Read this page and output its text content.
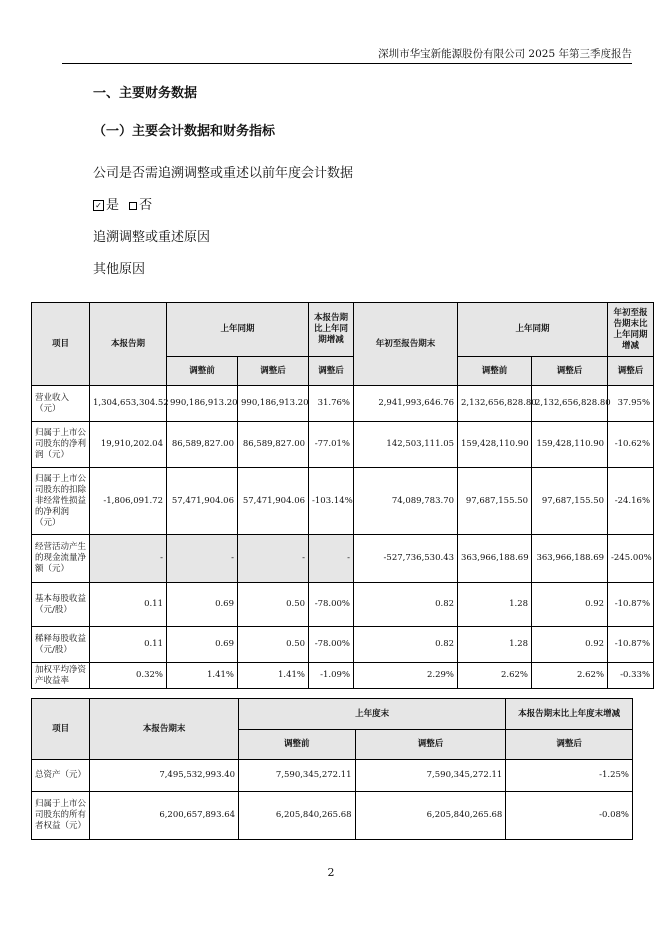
深圳市华宝新能源股份有限公司 2025 年第三季度报告
一、主要财务数据
（一）主要会计数据和财务指标
公司是否需追溯调整或重述以前年度会计数据
✓ 是 否
追溯调整或重述原因
其他原因
项目	本报告期	上年同期		本报告期比上年同期增减	年初至报告期末	上年同期		年初至报告期末比上年同期增减
		调整前	调整后	调整后		调整前	调整后	调整后
营业收入（元）	1,304,653,304.52	990,186,913.20	990,186,913.20	31.76%	2,941,993,646.76	2,132,656,828.80	2,132,656,828.80	37.95%
归属于上市公司股东的净利润（元）	19,910,202.04	86,589,827.00	86,589,827.00	-77.01%	142,503,111.05	159,428,110.90	159,428,110.90	-10.62%
归属于上市公司股东的扣除非经常性损益的净利润（元）	-1,806,091.72	57,471,904.06	57,471,904.06	-103.14%	74,089,783.70	97,687,155.50	97,687,155.50	-24.16%
经营活动产生的现金流量净额（元）	-	-	-	-	-527,736,530.43	363,966,188.69	363,966,188.69	-245.00%
基本每股收益（元/股）	0.11	0.69	0.50	-78.00%	0.82	1.28	0.92	-10.87%
稀释每股收益（元/股）	0.11	0.69	0.50	-78.00%	0.82	1.28	0.92	-10.87%
加权平均净资产收益率	0.32%	1.41%	1.41%	-1.09%	2.29%	2.62%	2.62%	-0.33%
项目	本报告期末	上年度末		本报告期末比上年度末增减
		调整前	调整后	调整后
总资产（元）	7,495,532,993.40	7,590,345,272.11	7,590,345,272.11	-1.25%
归属于上市公司股东的所有者权益（元）	6,200,657,893.64	6,205,840,265.68	6,205,840,265.68	-0.08%
2
